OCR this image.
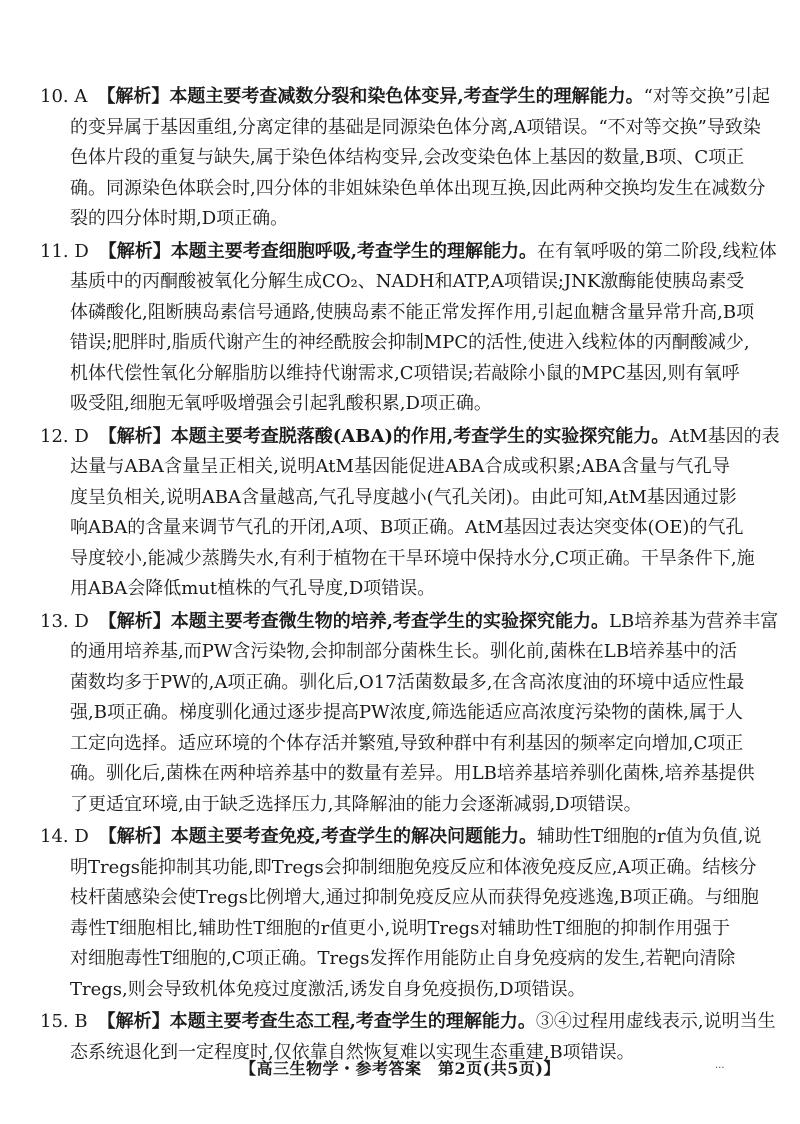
10. A 【解析】本题主要考查减数分裂和染色体变异,考查学生的理解能力。“对等交换”引起
的变异属于基因重组,分离定律的基础是同源染色体分离,A项错误。“不对等交换”导致染
色体片段的重复与缺失,属于染色体结构变异,会改变染色体上基因的数量,B项、C项正
确。同源染色体联会时,四分体的非姐妹染色单体出现互换,因此两种交换均发生在减数分
裂的四分体时期,D项正确。
11. D 【解析】本题主要考查细胞呼吸,考查学生的理解能力。在有氧呼吸的第二阶段,线粒体
基质中的丙酮酸被氧化分解生成CO₂、NADH和ATP,A项错误;JNK激酶能使胰岛素受
体磷酸化,阻断胰岛素信号通路,使胰岛素不能正常发挥作用,引起血糖含量异常升高,B项
错误;肥胖时,脂质代谢产生的神经酰胺会抑制MPC的活性,使进入线粒体的丙酮酸减少,
机体代偿性氧化分解脂肪以维持代谢需求,C项错误;若敲除小鼠的MPC基因,则有氧呼
吸受阻,细胞无氧呼吸增强会引起乳酸积累,D项正确。
12. D 【解析】本题主要考查脱落酸(ABA)的作用,考查学生的实验探究能力。AtM基因的表
达量与ABA含量呈正相关,说明AtM基因能促进ABA合成或积累;ABA含量与气孔导
度呈负相关,说明ABA含量越高,气孔导度越小(气孔关闭)。由此可知,AtM基因通过影
响ABA的含量来调节气孔的开闭,A项、B项正确。AtM基因过表达突变体(OE)的气孔
导度较小,能减少蒸腾失水,有利于植物在干旱环境中保持水分,C项正确。干旱条件下,施
用ABA会降低mut植株的气孔导度,D项错误。
13. D 【解析】本题主要考查微生物的培养,考查学生的实验探究能力。LB培养基为营养丰富
的通用培养基,而PW含污染物,会抑制部分菌株生长。驯化前,菌株在LB培养基中的活
菌数均多于PW的,A项正确。驯化后,O17活菌数最多,在含高浓度油的环境中适应性最
强,B项正确。梯度驯化通过逐步提高PW浓度,筛选能适应高浓度污染物的菌株,属于人
工定向选择。适应环境的个体存活并繁殖,导致种群中有利基因的频率定向增加,C项正
确。驯化后,菌株在两种培养基中的数量有差异。用LB培养基培养驯化菌株,培养基提供
了更适宜环境,由于缺乏选择压力,其降解油的能力会逐渐减弱,D项错误。
14. D 【解析】本题主要考查免疫,考查学生的解决问题能力。辅助性T细胞的r值为负值,说
明Tregs能抑制其功能,即Tregs会抑制细胞免疫反应和体液免疫反应,A项正确。结核分
枝杆菌感染会使Tregs比例增大,通过抑制免疫反应从而获得免疫逃逸,B项正确。与细胞
毒性T细胞相比,辅助性T细胞的r值更小,说明Tregs对辅助性T细胞的抑制作用强于
对细胞毒性T细胞的,C项正确。Tregs发挥作用能防止自身免疫病的发生,若靶向清除
Tregs,则会导致机体免疫过度激活,诱发自身免疫损伤,D项错误。
15. B 【解析】本题主要考查生态工程,考查学生的理解能力。③④过程用虚线表示,说明当生
态系统退化到一定程度时,仅依靠自然恢复难以实现生态重建,B项错误。
【高三生物学・参考答案　第2页(共5页)】	...
